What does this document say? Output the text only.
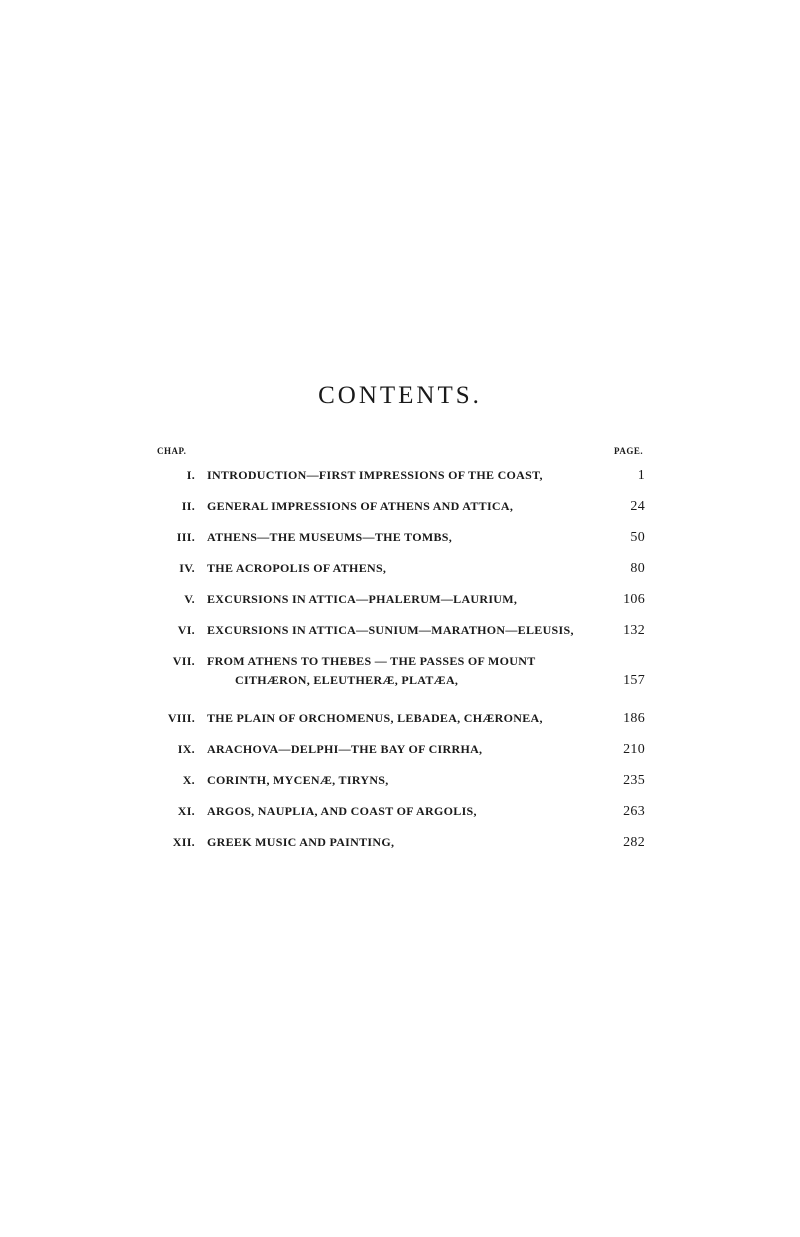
CONTENTS.
CHAP.	PAGE.
I. INTRODUCTION—FIRST IMPRESSIONS OF THE COAST, . . .	1
II. GENERAL IMPRESSIONS OF ATHENS AND ATTICA, . . .	24
III. ATHENS—THE MUSEUMS—THE TOMBS, . . .	50
IV. THE ACROPOLIS OF ATHENS, . . .	80
V. EXCURSIONS IN ATTICA—PHALERUM—LAURIUM, . . .	106
VI. EXCURSIONS IN ATTICA—SUNIUM—MARATHON—ELEUSIS,	132
VII. FROM ATHENS TO THEBES — THE PASSES OF MOUNT
CITHÆRON, ELEUTHERÆ, PLATÆA, . . .	157
VIII. THE PLAIN OF ORCHOMENUS, LEBADEA, CHÆRONEA, . . .	186
IX. ARACHOVA—DELPHI—THE BAY OF CIRRHA, . . .	210
X. CORINTH, MYCENÆ, TIRYNS, . . .	235
XI. ARGOS, NAUPLIA, AND COAST OF ARGOLIS, . . .	263
XII. GREEK MUSIC AND PAINTING, . . .	282
